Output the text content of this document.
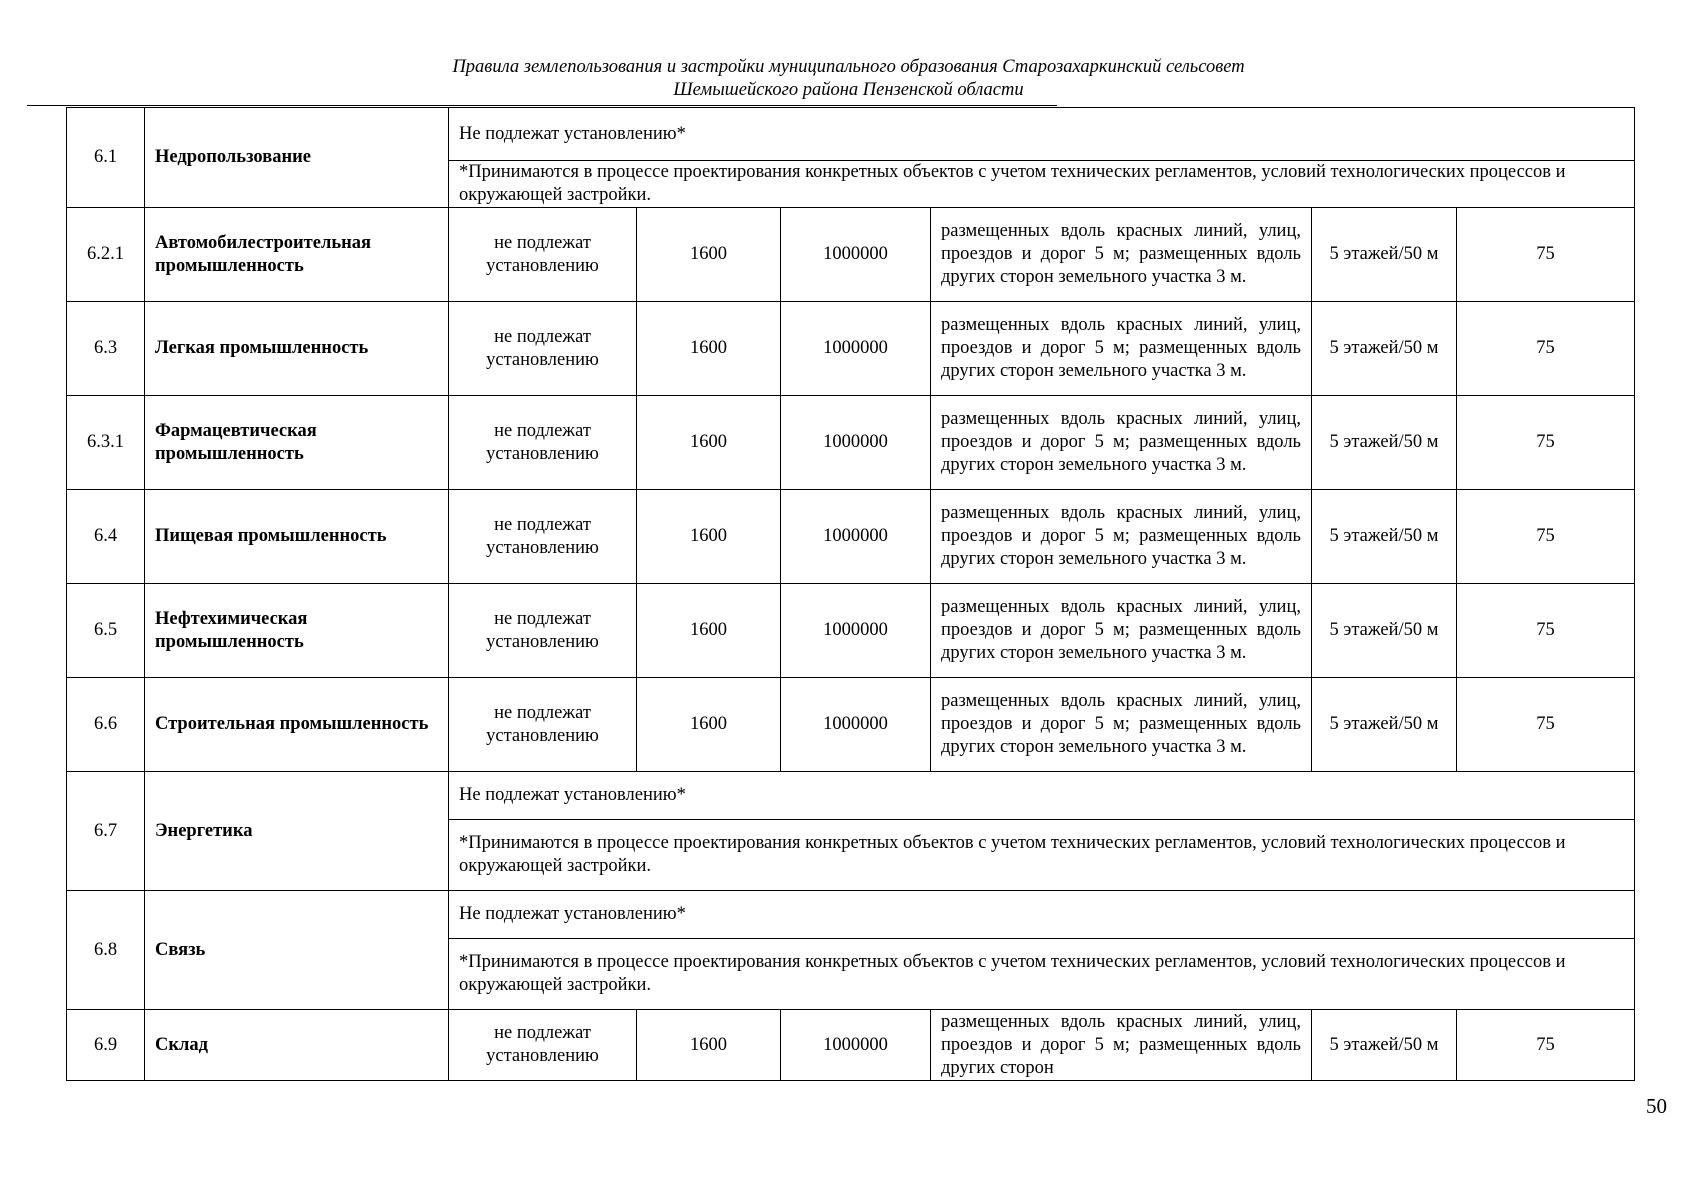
Правила землепользования и застройки муниципального образования Старозахаркинский сельсовет
Шемышейского района Пензенской области
6.1	Недропользование	Не подлежат установлению*					
		*Принимаются в процессе проектирования конкретных объектов с учетом технических регламентов, условий технологических процессов и окружающей застройки.					
6.2.1	Автомобилестроительная промышленность	не подлежат установлению	1600	1000000	размещенных вдоль красных линий, улиц, проездов и дорог 5 м; размещенных вдоль других сторон земельного участка 3 м.	5 этажей/50 м	75
6.3	Легкая промышленность	не подлежат установлению	1600	1000000	размещенных вдоль красных линий, улиц, проездов и дорог 5 м; размещенных вдоль других сторон земельного участка 3 м.	5 этажей/50 м	75
6.3.1	Фармацевтическая промышленность	не подлежат установлению	1600	1000000	размещенных вдоль красных линий, улиц, проездов и дорог 5 м; размещенных вдоль других сторон земельного участка 3 м.	5 этажей/50 м	75
6.4	Пищевая промышленность	не подлежат установлению	1600	1000000	размещенных вдоль красных линий, улиц, проездов и дорог 5 м; размещенных вдоль других сторон земельного участка 3 м.	5 этажей/50 м	75
6.5	Нефтехимическая промышленность	не подлежат установлению	1600	1000000	размещенных вдоль красных линий, улиц, проездов и дорог 5 м; размещенных вдоль других сторон земельного участка 3 м.	5 этажей/50 м	75
6.6	Строительная промышленность	не подлежат установлению	1600	1000000	размещенных вдоль красных линий, улиц, проездов и дорог 5 м; размещенных вдоль других сторон земельного участка 3 м.	5 этажей/50 м	75
6.7	Энергетика	Не подлежат установлению*					
		*Принимаются в процессе проектирования конкретных объектов с учетом технических регламентов, условий технологических процессов и окружающей застройки.					
6.8	Связь	Не подлежат установлению*					
		*Принимаются в процессе проектирования конкретных объектов с учетом технических регламентов, условий технологических процессов и окружающей застройки.					
6.9	Склад	не подлежат установлению	1600	1000000	размещенных вдоль красных линий, улиц, проездов и дорог 5 м; размещенных вдоль других сторон	5 этажей/50 м	75
50
